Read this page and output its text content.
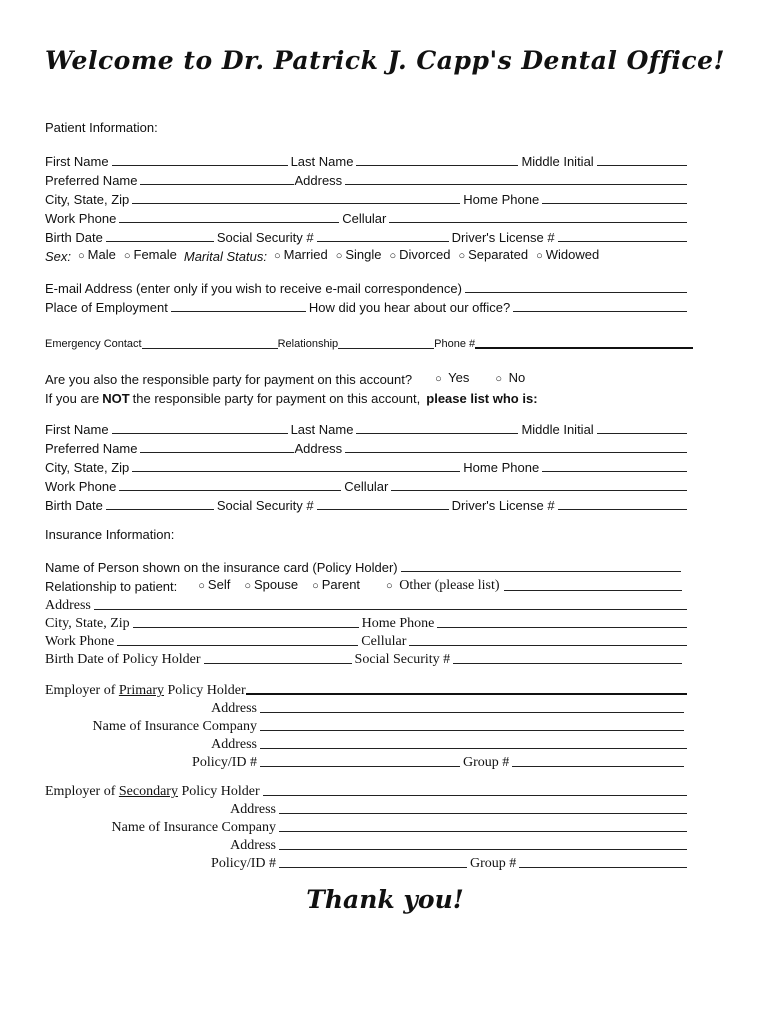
Welcome to Dr. Patrick J. Capp's Dental Office!
Patient Information:
First Name	Last Name	Middle Initial
Preferred Name	Address
City, State, Zip	Home Phone
Work Phone	Cellular
Birth Date	Social Security #	Driver's License #
Sex: ○ Male ○ Female Marital Status: ○ Married ○ Single ○ Divorced ○ Separated ○ Widowed
E-mail Address (enter only if you wish to receive e-mail correspondence)
Place of Employment	How did you hear about our office?
Emergency Contact	Relationship	Phone #
Are you also the responsible party for payment on this account?	○ Yes	○ No
If you are NOT the responsible party for payment on this account, please list who is:
First Name	Last Name	Middle Initial
Preferred Name	Address
City, State, Zip	Home Phone
Work Phone	Cellular
Birth Date	Social Security #	Driver's License #
Insurance Information:
Name of Person shown on the insurance card (Policy Holder)
Relationship to patient:	○ Self	○ Spouse	○ Parent	○ Other (please list)
Address
City, State, Zip	Home Phone
Work Phone	Cellular
Birth Date of Policy Holder	Social Security #
Employer of Primary Policy Holder
Address
Name of Insurance Company
Address
Policy/ID #	Group #
Employer of Secondary Policy Holder
Address
Name of Insurance Company
Address
Policy/ID #	Group #
Thank you!
